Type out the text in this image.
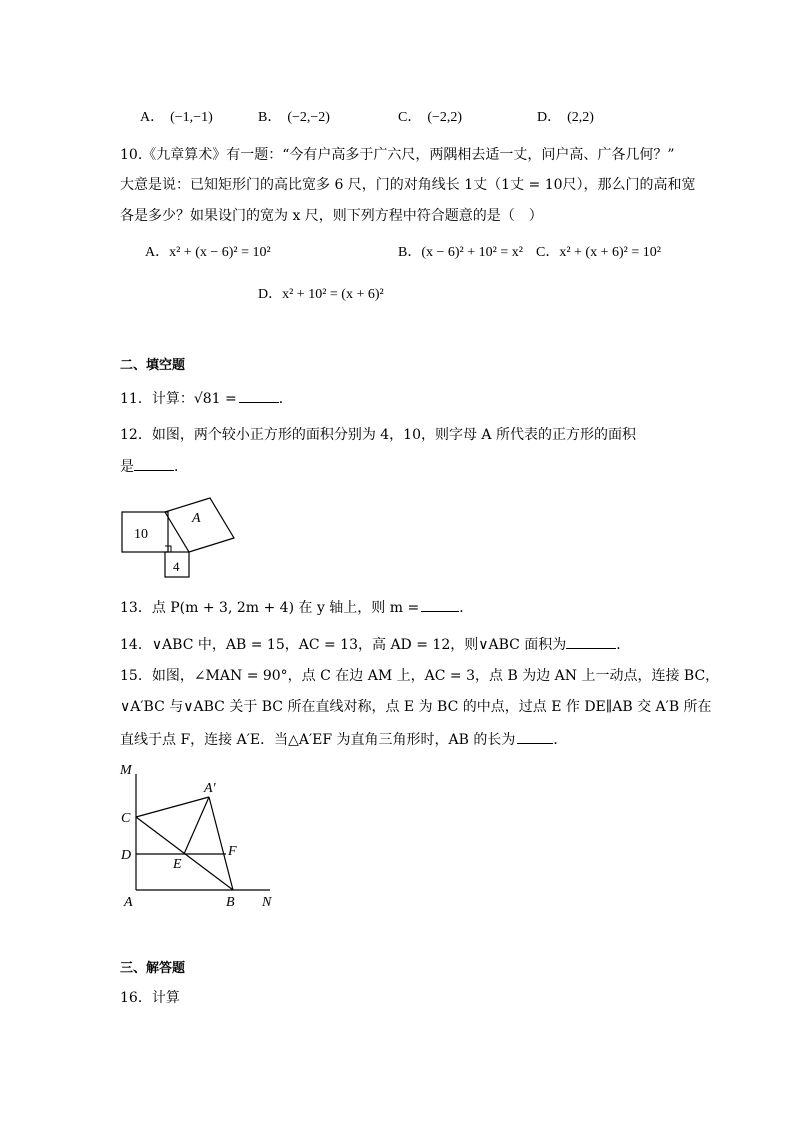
A． (−1,−1)	B． (−2,−2)	C． (−2,2)	D． (2,2)
10.《九章算术》有一题：“今有户高多于广六尺，两隅相去适一丈，问户高、广各几何？”
大意是说：已知矩形门的高比宽多 6 尺，门的对角线长 1丈（1丈 = 10尺），那么门的高和宽
各是多少？如果设门的宽为 x 尺，则下列方程中符合题意的是（　）
A．x² + (x − 6)² = 10²	B．(x − 6)² + 10² = x² C．x² + (x + 6)² = 10²
D．x² + 10² = (x + 6)²
二、填空题
11．计算：√81 =	．
12．如图，两个较小正方形的面积分别为 4，10，则字母 A 所代表的正方形的面积
是	．
10
4
A
13．点 P(m + 3, 2m + 4) 在 y 轴上，则 m =	．
14．∨ABC 中，AB = 15，AC = 13，高 AD = 12，则∨ABC 面积为	．
15．如图，∠MAN = 90°，点 C 在边 AM 上，AC = 3，点 B 为边 AN 上一动点，连接 BC，
∨A′BC 与∨ABC 关于 BC 所在直线对称，点 E 为 BC 的中点，过点 E 作 DE∥AB 交 A′B 所在
直线于点 F，连接 A′E．当△A′EF 为直角三角形时，AB 的长为	．
M
A′
C
D
E
F
A	B N
三、解答题
16．计算
